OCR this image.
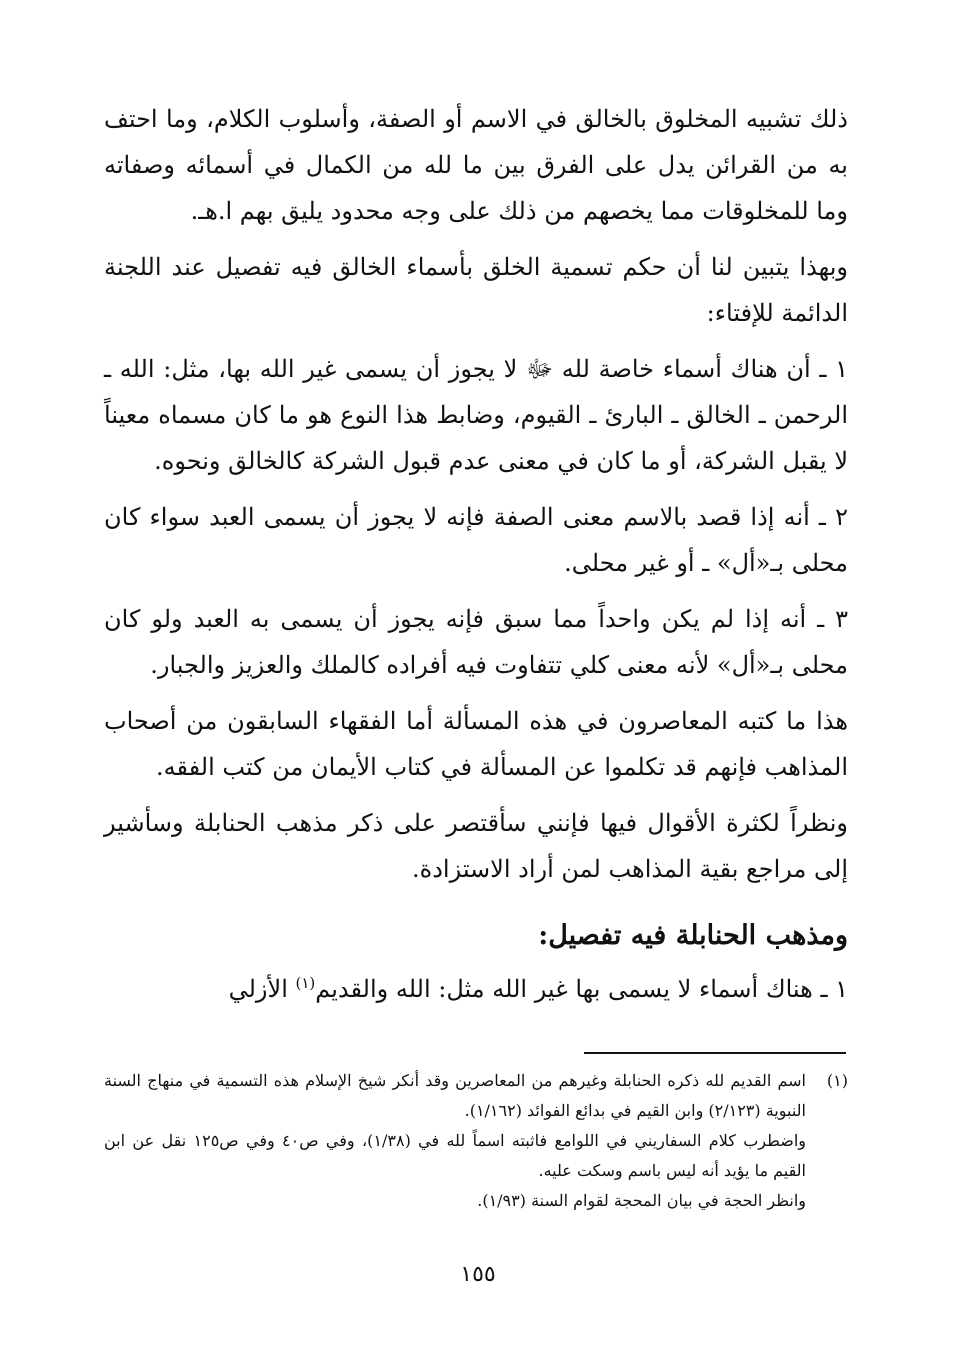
ذلك تشبيه المخلوق بالخالق في الاسم أو الصفة، وأسلوب الكلام، وما احتف به من القرائن يدل على الفرق بين ما لله من الكمال في أسمائه وصفاته وما للمخلوقات مما يخصهم من ذلك على وجه محدود يليق بهم ا.هـ.

وبهذا يتبين لنا أن حكم تسمية الخلق بأسماء الخالق فيه تفصيل عند اللجنة الدائمة للإفتاء:

١ ـ أن هناك أسماء خاصة لله ﷻ لا يجوز أن يسمى غير الله بها، مثل: الله ـ الرحمن ـ الخالق ـ البارئ ـ القيوم، وضابط هذا النوع هو ما كان مسماه معيناً لا يقبل الشركة، أو ما كان في معنى عدم قبول الشركة كالخالق ونحوه.

٢ ـ أنه إذا قصد بالاسم معنى الصفة فإنه لا يجوز أن يسمى العبد سواء كان محلى بـ«أل» ـ أو غير محلى.

٣ ـ أنه إذا لم يكن واحداً مما سبق فإنه يجوز أن يسمى به العبد ولو كان محلى بـ«أل» لأنه معنى كلي تتفاوت فيه أفراده كالملك والعزيز والجبار.

هذا ما كتبه المعاصرون في هذه المسألة أما الفقهاء السابقون من أصحاب المذاهب فإنهم قد تكلموا عن المسألة في كتاب الأيمان من كتب الفقه.

ونظراً لكثرة الأقوال فيها فإنني سأقتصر على ذكر مذهب الحنابلة وسأشير إلى مراجع بقية المذاهب لمن أراد الاستزادة.

ومذهب الحنابلة فيه تفصيل:

١ ـ هناك أسماء لا يسمى بها غير الله مثل: الله والقديم$^{(١)}$ الأزلي

(١)
اسم القديم لله ذكره الحنابلة وغيرهم من المعاصرين وقد أنكر شيخ الإسلام هذه التسمية في منهاج السنة النبوية (٢/١٢٣) وابن القيم في بدائع الفوائد (١/١٦٢).
واضطرب كلام السفاريني في اللوامع فاثبته اسماً لله في (١/٣٨)، وفي ص٤٠ وفي ص١٢٥ نقل عن ابن القيم ما يؤيد أنه ليس باسم وسكت عليه.
وانظر الحجة في بيان المحجة لقوام السنة (١/٩٣).
١٥٥
